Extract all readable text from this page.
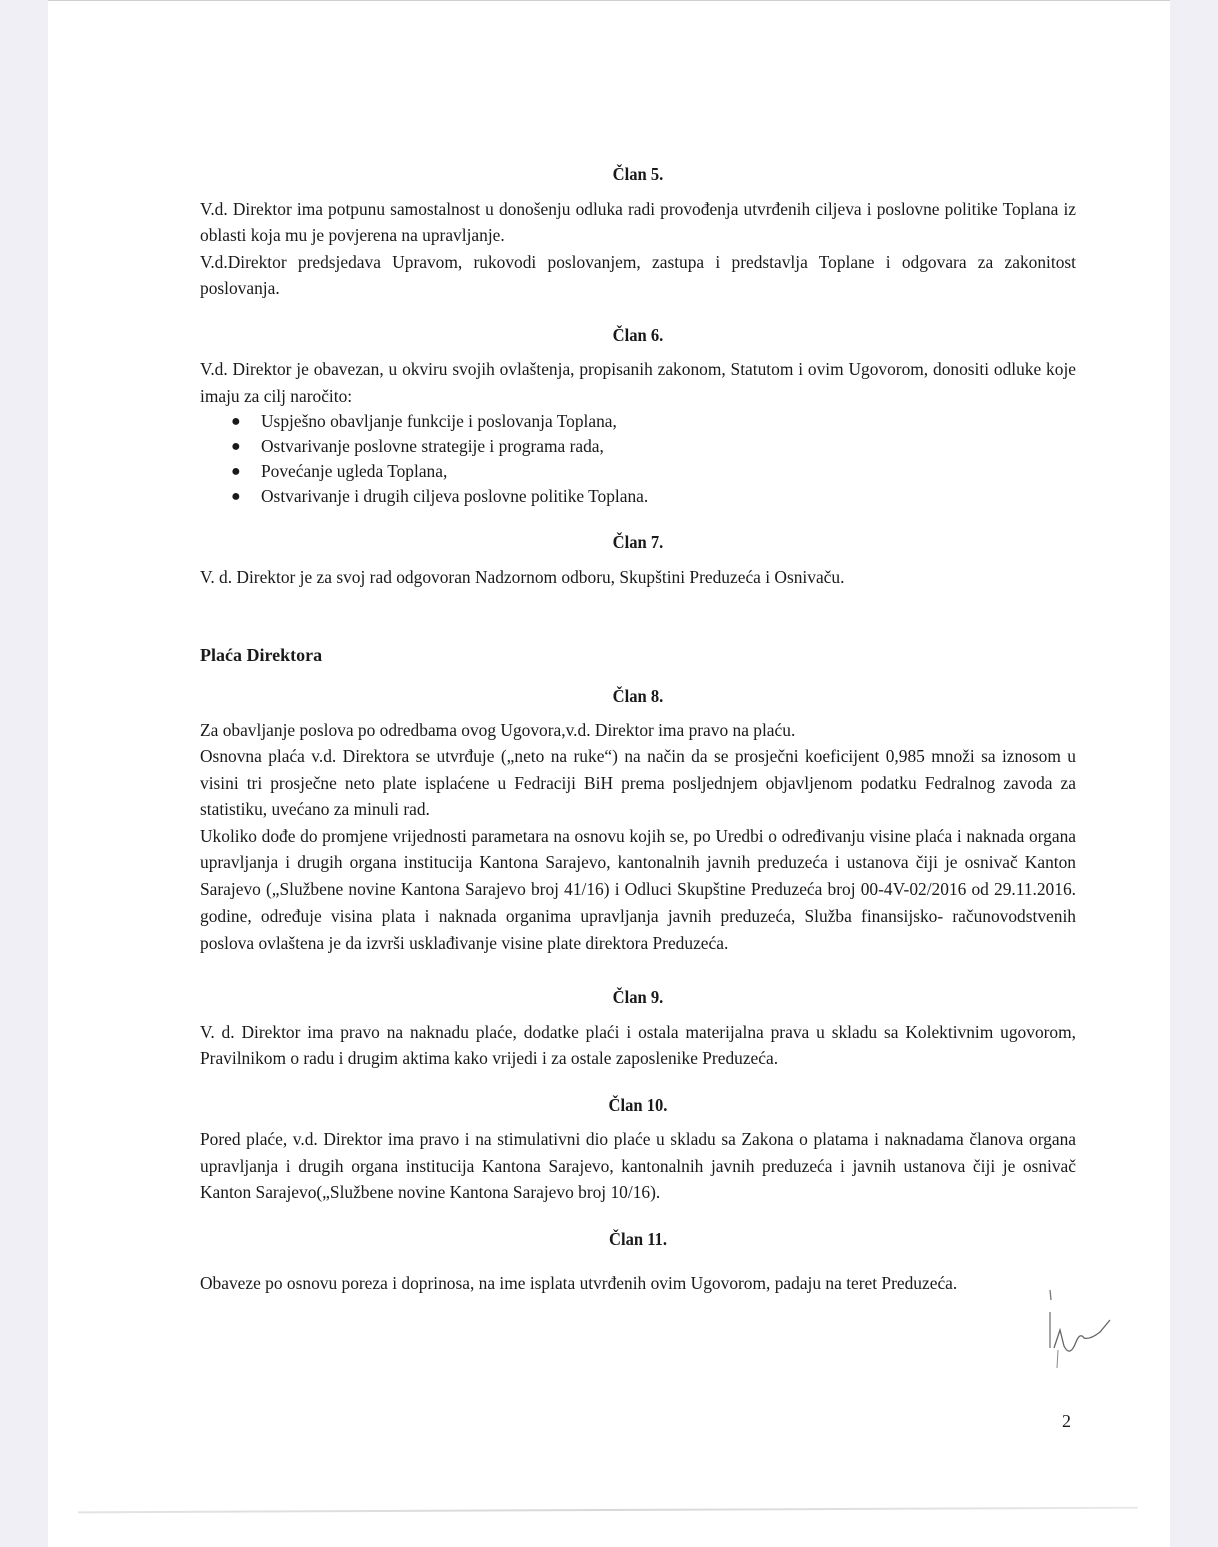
Član 5.

V.d. Direktor ima potpunu samostalnost u donošenju odluka radi provođenja utvrđenih ciljeva i poslovne politike Toplana iz oblasti koja mu je povjerena na upravljanje.

V.d.Direktor predsjedava Upravom, rukovodi poslovanjem, zastupa i predstavlja Toplane i odgovara za zakonitost poslovanja.

Član 6.

V.d. Direktor je obavezan, u okviru svojih ovlaštenja, propisanih zakonom, Statutom i ovim Ugovorom, donositi odluke koje imaju za cilj naročito:

● Uspješno obavljanje funkcije i poslovanja Toplana,
● Ostvarivanje poslovne strategije i programa rada,
● Povećanje ugleda Toplana,
● Ostvarivanje i drugih ciljeva poslovne politike Toplana.
Član 7.

V. d. Direktor je za svoj rad odgovoran Nadzornom odboru, Skupštini Preduzeća i Osnivaču.

Plaća Direktora
Član 8.

Za obavljanje poslova po odredbama ovog Ugovora,v.d. Direktor ima pravo na plaću.

Osnovna plaća v.d. Direktora se utvrđuje („neto na ruke“) na način da se prosječni koeficijent 0,985 množi sa iznosom u visini tri prosječne neto plate isplaćene u Fedraciji BiH prema posljednjem objavljenom podatku Fedralnog zavoda za statistiku, uvećano za minuli rad.

Ukoliko dođe do promjene vrijednosti parametara na osnovu kojih se, po Uredbi o određivanju visine plaća i naknada organa upravljanja i drugih organa institucija Kantona Sarajevo, kantonalnih javnih preduzeća i ustanova čiji je osnivač Kanton Sarajevo („Službene novine Kantona Sarajevo broj 41/16) i Odluci Skupštine Preduzeća broj 00-4V-02/2016 od 29.11.2016. godine, određuje visina plata i naknada organima upravljanja javnih preduzeća, Služba finansijsko- računovodstvenih poslova ovlaštena je da izvrši usklađivanje visine plate direktora Preduzeća.

Član 9.

V. d. Direktor ima pravo na naknadu plaće, dodatke plaći i ostala materijalna prava u skladu sa Kolektivnim ugovorom, Pravilnikom o radu i drugim aktima kako vrijedi i za ostale zaposlenike Preduzeća.

Član 10.

Pored plaće, v.d. Direktor ima pravo i na stimulativni dio plaće u skladu sa Zakona o platama i naknadama članova organa upravljanja i drugih organa institucija Kantona Sarajevo, kantonalnih javnih preduzeća i javnih ustanova čiji je osnivač Kanton Sarajevo(„Službene novine Kantona Sarajevo broj 10/16).

Član 11.

Obaveze po osnovu poreza i doprinosa, na ime isplata utvrđenih ovim Ugovorom, padaju na teret Preduzeća.

2
